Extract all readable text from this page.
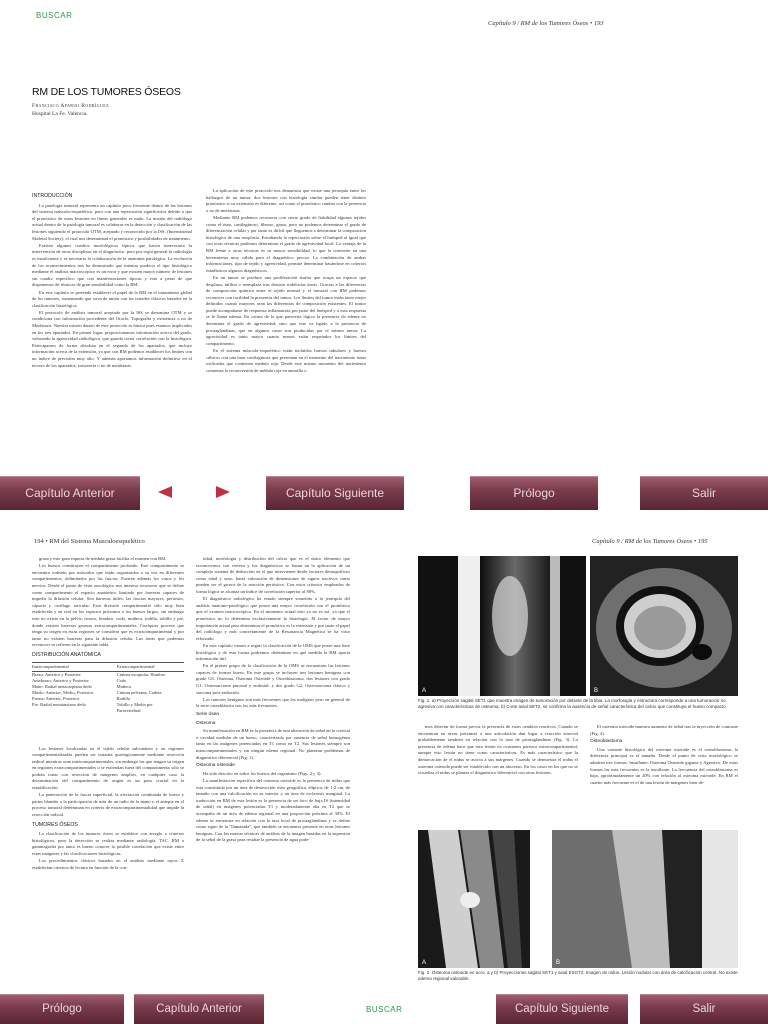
BUSCAR
Capítulo 9 / RM de los Tumores Óseos • 193
RM DE LOS TUMORES ÓSEOS
Francisco Aparisi Rodríguez
Hospital La Fe. Valencia.
INTRODUCCIÓN

La patología tumoral representa un capítulo poco frecuente dentro de las lesiones del sistema músculo-esquelético, pero con una repercusión significativa debido a que el pronóstico de estas lesiones en líneas generales es malo. La misión del radiólogo actual dentro de la patología tumoral es colaborar en la detección y clasificación de las lesiones siguiendo el protocolo OTM, aceptado y reconocido por la ISS, (International Skeletal Society), el cual nos determinará el pronóstico y posibilidades de tratamiento.

Existen algunos cuadros morfológicos típicos que hacen innecesaria la intervención de otras disciplinas en el diagnóstico, pero por regla general la radiología es insuficiente y es necesaria la colaboración de la anatomía patológica. La evolución de los acontecimientos nos ha demostrado que intentar predecir el tipo histológico mediante el análisis macroscópico es un error y que existen mayor número de lesiones sin cuadro específico que con manifestaciones típicas y esto a pesar de que disponemos de técnicas de gran sensibilidad como la RM.

En este capítulo se pretende establecer el papel de la RM en el tratamiento global de los tumores, sustentando que sirva de unión con los tratados clásicos basados en la clasificación histológica.

El protocolo de análisis tumoral aceptado por la ISS se denomina OTM y se condiciona con información procedente del Oraclo, Topografía y existencia o no de Metástasis. Nuestra misión dentro de este protocolo es básica pues estamos implicados en los tres apartados. En primer lugar, proporcionamos información acerca del grado, valorando la agresividad radiológica, que guarda cierta correlación con la histológica. Participamos de forma absoluta en el segundo de los apartados, que incluye información acerca de la extensión, ya que con RM podemos establecer los límites con un índice de precisión muy alto. Y además aportamos información definitiva en el tercero de los apartados, existencia o no de metástasis.

La aplicación de este protocolo nos demuestra que existe una jerarquía entre los hallazgos de un tumor, dos lesiones con histología similar pueden tener distinto pronóstico si su extensión es diferente, así como el pronóstico cambia con la presencia o no de metástasis.

Mediante RM podemos reconocer con cierto grado de fiabilidad algunos tejidos como el óseo, cartilaginoso, fibroso, graso, pero no podemos determinar el grado de diferenciación celular y por tanto es difícil que lleguemos a determinar la composición histológica de una neoplasia. Estudiando la repercusión sobre el huésped al igual que con otras técnicas podemos determinar el grado de agresividad local. La ventaja de la RM frente a otras técnicas es su mayor sensibilidad, lo que la convierte en una herramienta muy válida para el diagnóstico precoz. La combinación de ambas informaciones, tipo de tejido y agresividad, permite determinar basándose en criterios estadísticos algunos diagnósticos.

En un tumor se produce una proliferación tisular que ocupa un espacio que desplaza, infiltra o reemplaza tras destruir trabéculas óseas. Gracias a las diferencias de composición química entre el tejido normal y el tumoral con RM podemos reconocer con facilidad la presencia del tumor. Los límites del tumor están tanto mejor definidos cuanto mayores sean las diferencias de composición existentes. El tumor puede acompañarse de respuesta inflamatoria por parte del huésped y a esta respuesta se le llama edema. En contra de lo que parecería lógico la presencia de edema no determina el grado de agresividad, sino que este va ligado a la presencia de prostaglandinas, que en algunos casos son producidas por el mismo tumor. La agresividad es tanto mayor cuanto menos están respetados los límites del compartimento.

En el sistema músculo-esquelético están incluidos huesos tubulares y huesos cúbicos con una base cartilaginosa que presentan en el momento del nacimiento áreas osificadas que contienen médula roja. Desde este mismo momento del nacimiento comienza la reconversión de médula roja en amarilla o

Capítulo Anterior	Capítulo Siguiente	Prólogo	Salir
194 • RM del Sistema Musculoesquelético	Capítulo 9 / RM de los Tumores Óseos • 195

grasa y este gran riqueza de médula grasa facilita el examen con RM.

Los huesos constituyen el compartimento profundo. Este compartimento se encuentra rodeado por músculos que están organizados a su vez en diferentes compartimentos, delimitados por las fascias. Existen además los vasos y los nervios. Desde el punto de vista oncológico nos interesa reconocer que se define como compartimento el espacio anatómico limitado por barreras capaces de impedir la difusión celular. Son barreras útiles, las fascias mayores, periostio, cápsula y cartílago articular. Esta división compartimental sólo muy bien establecida y en real en los espacios próximos a los huesos largos, sin embargo esto no existe en la pelvis, tronco, hombro, codo, muñeca, rodilla, tobillo y pie, donde existen barreras gruesas extracompartimentales. Cualquier proceso que tenga su origen en estas regiones se considera que es extracompartimental y por tanto no existen barreras para la difusión celular. Las áreas que podemos reconocer se refieren en la siguiente tabla.

DISTRIBUCIÓN ANATÓMICA
Intracompartimental	Extracompartimental
Brazo: Anterior y Posterior	Cintura escapular, Hombro
Antebrazo: Anterior y Posterior	Codo
Mano: Radial metacarpiano dedo	Muñeca
Muslo: Anterior, Medio, Posterior	Cintura pelviana, Cadera
Pierna: Anterior, Posterior	Rodilla
Pie: Radial metatarsiano dedo	Tobillo y Medio pie
	Paravertebral

Las lesiones localizadas en el tejido celular subcutáneo y en regiones compartimentalizadas pueden ser tratadas quirúrgicamente mediante resección radical mientras sean intracompartimentales, sin embargo las que tengan su origen en regiones extracompartimentales o se extiendan fuera del compartimento sólo se podrán tratar con resección de márgenes amplios, en cualquier caso la determinación del compartimento de origen es un paso crucial en la estadificación.

La penetración de la fascia superficial, la afectación combinada de hueso y partes blandas o la participación de más de un radio de la mano o el antepie en el proceso tumoral determinan en criterio de extracompartimentalidad que impide la resección radical.

TUMORES ÓSEOS

La clasificación de los tumores óseos se establece con arreglo a criterios histológicos, pero la detección se realiza mediante radiología, TAC, RM o gammagrafía por tanto es bueno conocer la posible correlación que existe entre estas imágenes y las clasificaciones histológicas.

Los procedimientos clásicos basados en el análisis mediante rayos X establecían criterios de lectura en función de la con-

tidad, morfología y distribución del calcio que es el único elemento que reconocemos con certeza y los diagnósticos se basan en la aplicación de un complejo sistema de deducción en el que intervienen desde factores demográficos como edad y sexo, hasta valoración de dimensiones de signos tractivos como pueden ser el grosor de la reacción perióstica. Con estos criterios empleados de forma lógica se alcanza un índice de correlación superior al 80%.

El diagnóstico radiológico ha estado siempre sometido a la jerarquía del análisis anatomo-patológico que posea una mayor correlación con el pronóstico que el examen macroscópico. En el momento actual esto ya no es así, ya que el pronóstico no lo determina exclusivamente la histología. El factor de mayor importancia actual para determinar el pronóstico es la extensión y por tanto el papel del radiólogo y más concretamente de la Resonancia Magnética se ha visto reforzado.

En esta capítulo vamos a seguir la clasificación de la OMS que posee una base histológica y de esta forma podremos determinar en qué medida la RM aporta información útil.

En el primer grupo de la clasificación de la OMS se encuentran las lesiones capaces de formar hueso. En este grupo se incluyen tres lesiones benignas con grado G0, Osteoma, Osteoma Osteoide y Osteoblastoma, dos lesiones con grado G1, Osteosarcoma parostal y endostal, y dos grado G2, Osteosarcoma clásico y sarcoma post-radiación.

Los tumores benignos son más frecuentes que los malignos pero en general de la serie osteoblástica son los más frecuentes.

Serie ósea
Osteoma

Su manifestación en RM es la presencia de una alteración de señal en la cortical o cavidad medular de un hueso, caracterizada por ausencia de señal homogénea tanto en las imágenes potenciadas en T1 como en T2. Sus lesiones siempre son intracompartimentales y sin ningún edema regional. No plantean problemas de diagnóstico diferencial (Fig. 1).

Osteoma osteoide

Ha sido descrito en todos los huesos del organismo (Figs. 2 y 3).

La manifestación específica del osteoma osteoide es la presencia de nidus que esta constituido por un área de destrucción ósea geográfica, elíptica, de 1-2 cm, de tamaño con una calcificación en su interior y un área de esclerosis marginal. La traducción en RM de esta lesión es la presencia de un foco de baja IS (intensidad de señal) en imágenes potenciadas T1 y moderadamente alta en T2 que se acompaña de un área de edema regional en una proporción próxima al 30%. El edema se encuentra en relación con la tasa local de prostaglandinas y se define como signo de la "llamarada", que también se encuentra presente en otras lesiones benignas. Con las nuevas técnicas de análisis de la imagen basadas en la supresión de la señal de la grasa para resaltar la presencia de agua pode-

A	B
Fig. 1. a) Proyección sagital SET1 que muestra imagen de tumoración por delante de la tibia. La morfología y estructura corresponde a una tumoración no agresiva con características de osteoma. b) Corte axial SET2, se confirma la ausencia de señal característica del calcio que constituye el hueso compacto.

mos detectar de forma precoz la presencia de estos cambios reactivos. Cuando se encuentran en áreas próximas a una articulación dan lugar a reacción sinovial probablemente también en relación con la tasa de prostaglandinas (Fig. 3). La presencia de edema hace que esta lesión en ocasiones parezca extracompartimental, aunque esto lesión no tiene como características. Es más característico que la demarcación de el nidus se asocia a sus márgenes. Cuando se demuestra el nidus el osteoma osteoide puede ser establecido con un abscesso. En los casos en los que no se visualiza el nidus se plantea el diagnóstico diferencial con otras lesiones.

El osteoma osteoide muestra aumento de señal tras la inyección de contraste (Fig. 4).

Osteoblastoma

Una variante histológica del osteoma osteoide es el osteoblastoma, la diferencia principal es el tamaño. Desde el punto de vista morfológico se admiten tres formas: Insuflante, Osteoma Osteoide gigante y Agresivo. De estas formas las más frecuentes es la insuflante. La frecuencia del osteoblastoma es baja, aproximadamente un 20% con relación al osteoma osteoide. En RM el cuadro más frecuente es el de una lesión de márgenes bien de-

A	B
Fig. 2. Osteoma osteoide en acro. a y b) Proyecciones sagital SET1 y axial ESGT2. Imagen de nidus. Lesión nodular con área de calcificación central. No existe edema regional valorable.
Prólogo	Capítulo Anterior	BUSCAR	Capítulo Siguiente	Salir
